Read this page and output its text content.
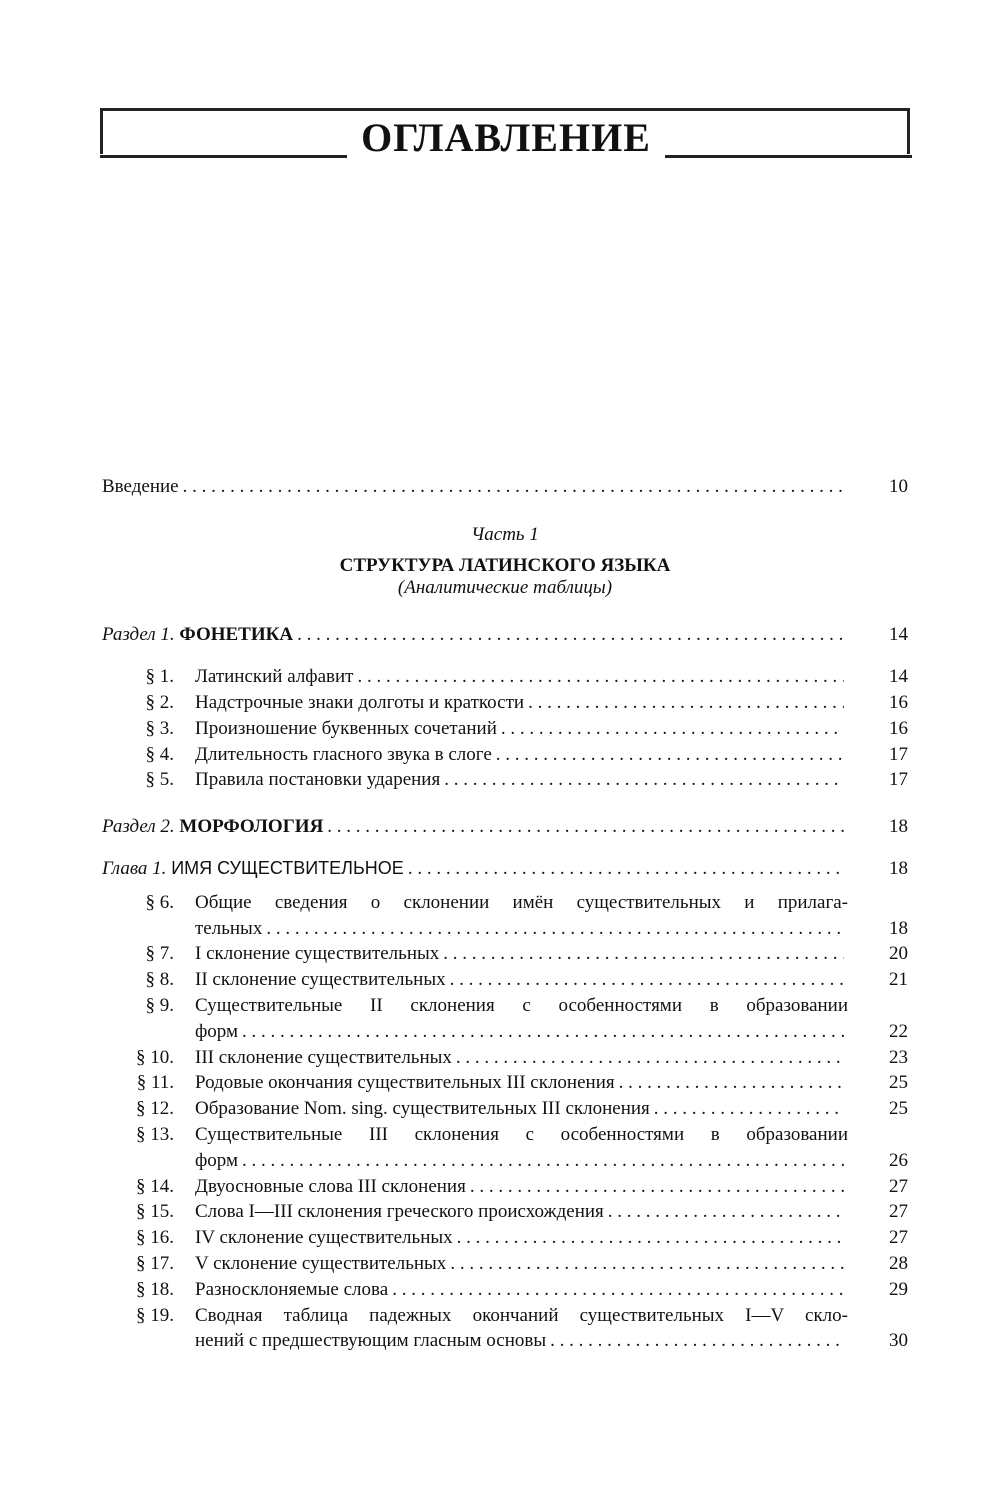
ОГЛАВЛЕНИЕ
Введение . . .	10
Часть 1
СТРУКТУРА ЛАТИНСКОГО ЯЗЫКА
(Аналитические таблицы)
Раздел 1. ФОНЕТИКА . . .	14
§ 1.	Латинский алфавит . . .	14
§ 2.	Надстрочные знаки долготы и краткости . . .	16
§ 3.	Произношение буквенных сочетаний . . .	16
§ 4.	Длительность гласного звука в слоге . . .	17
§ 5.	Правила постановки ударения . . .	17
Раздел 2. МОРФОЛОГИЯ . . .	18
Глава 1. ИМЯ СУЩЕСТВИТЕЛЬНОЕ . . .	18
§ 6.	Общие сведения о склонении имён существительных и прилага-
тельных . . .	18
§ 7.	I склонение существительных . . .	20
§ 8.	II склонение существительных . . .	21
§ 9.	Существительные II склонения с особенностями в образовании
форм . . .	22
§ 10.	III склонение существительных . . .	23
§ 11.	Родовые окончания существительных III склонения . . .	25
§ 12.	Образование Nom. sing. существительных III склонения . . .	25
§ 13.	Существительные III склонения с особенностями в образовании
форм . . .	26
§ 14.	Двуосновные слова III склонения . . .	27
§ 15.	Слова I—III склонения греческого происхождения . . .	27
§ 16.	IV склонение существительных . . .	27
§ 17.	V склонение существительных . . .	28
§ 18.	Разносклоняемые слова . . .	29
§ 19.	Сводная таблица падежных окончаний существительных I—V скло-
нений с предшествующим гласным основы . . .	30
